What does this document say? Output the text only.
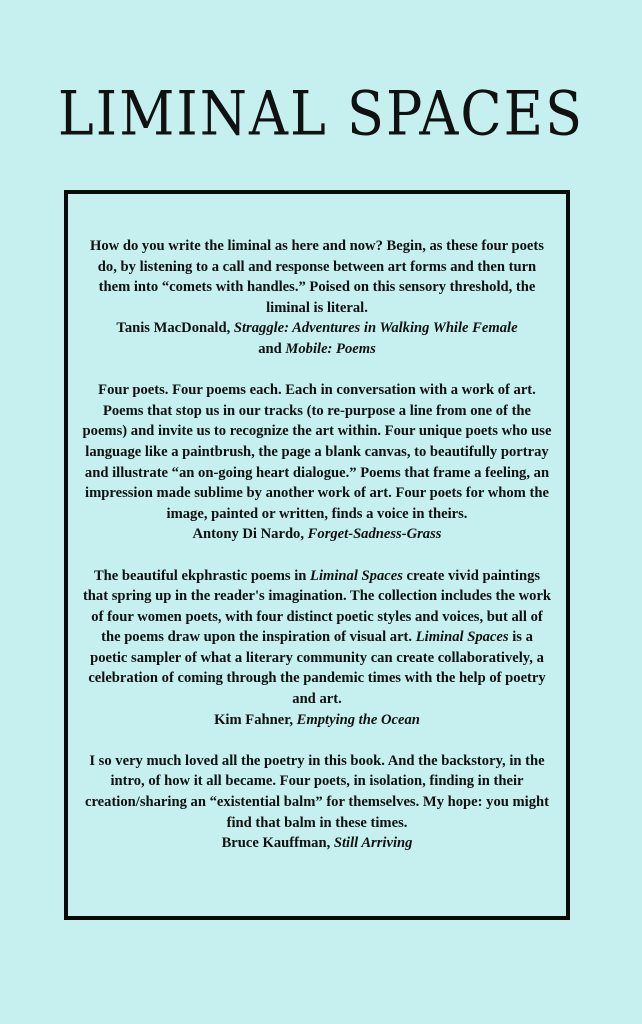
LIMINAL SPACES

How do you write the liminal as here and now? Begin, as these four poets do, by listening to a call and response between art forms and then turn them into “comets with handles.” Poised on this sensory threshold, the liminal is literal.

Tanis MacDonald, Straggle: Adventures in Walking While Female
and Mobile: Poems

Four poets. Four poems each. Each in conversation with a work of art. Poems that stop us in our tracks (to re-purpose a line from one of the poems) and invite us to recognize the art within. Four unique poets who use language like a paintbrush, the page a blank canvas, to beautifully portray and illustrate “an on-going heart dialogue.” Poems that frame a feeling, an impression made sublime by another work of art. Four poets for whom the image, painted or written, finds a voice in theirs.

Antony Di Nardo, Forget-Sadness-Grass

The beautiful ekphrastic poems in Liminal Spaces create vivid paintings that spring up in the reader's imagination. The collection includes the work of four women poets, with four distinct poetic styles and voices, but all of the poems draw upon the inspiration of visual art. Liminal Spaces is a poetic sampler of what a literary community can create collaboratively, a celebration of coming through the pandemic times with the help of poetry and art.

Kim Fahner, Emptying the Ocean

I so very much loved all the poetry in this book. And the backstory, in the intro, of how it all became. Four poets, in isolation, finding in their creation/sharing an “existential balm” for themselves. My hope: you might find that balm in these times.

Bruce Kauffman, Still Arriving
